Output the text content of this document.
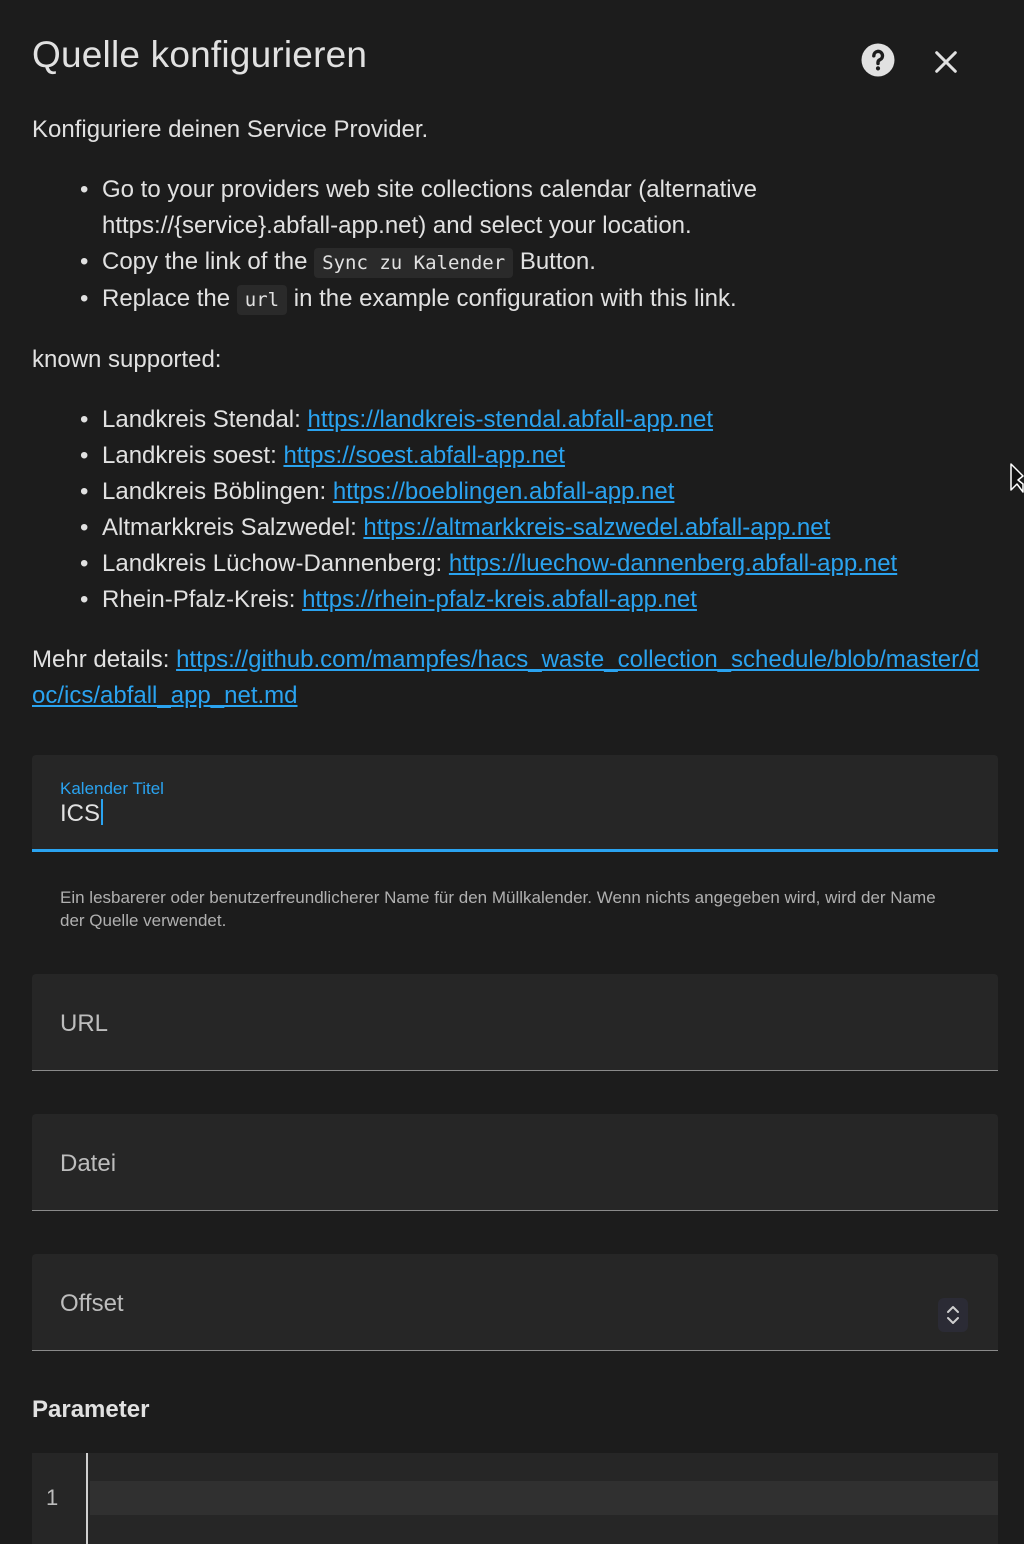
Quelle konfigurieren

Konfiguriere deinen Service Provider.

• Go to your providers web site collections calendar (alternative https://{service}.abfall-app.net) and select your location.
• Copy the link of the Sync zu Kalender Button.
• Replace the url in the example configuration with this link.

known supported:

• Landkreis Stendal: https://landkreis-stendal.abfall-app.net
• Landkreis soest: https://soest.abfall-app.net
• Landkreis Böblingen: https://boeblingen.abfall-app.net
• Altmarkkreis Salzwedel: https://altmarkkreis-salzwedel.abfall-app.net
• Landkreis Lüchow-Dannenberg: https://luechow-dannenberg.abfall-app.net
• Rhein-Pfalz-Kreis: https://rhein-pfalz-kreis.abfall-app.net

Mehr details: https://github.com/mampfes/hacs_waste_collection_schedule/blob/master/doc/ics/abfall_app_net.md

Kalender Titel
ICS

Ein lesbarerer oder benutzerfreundlicherer Name für den Müllkalender. Wenn nichts angegeben wird, wird der Name der Quelle verwendet.

URL
Datei
Offset
Parameter
1
